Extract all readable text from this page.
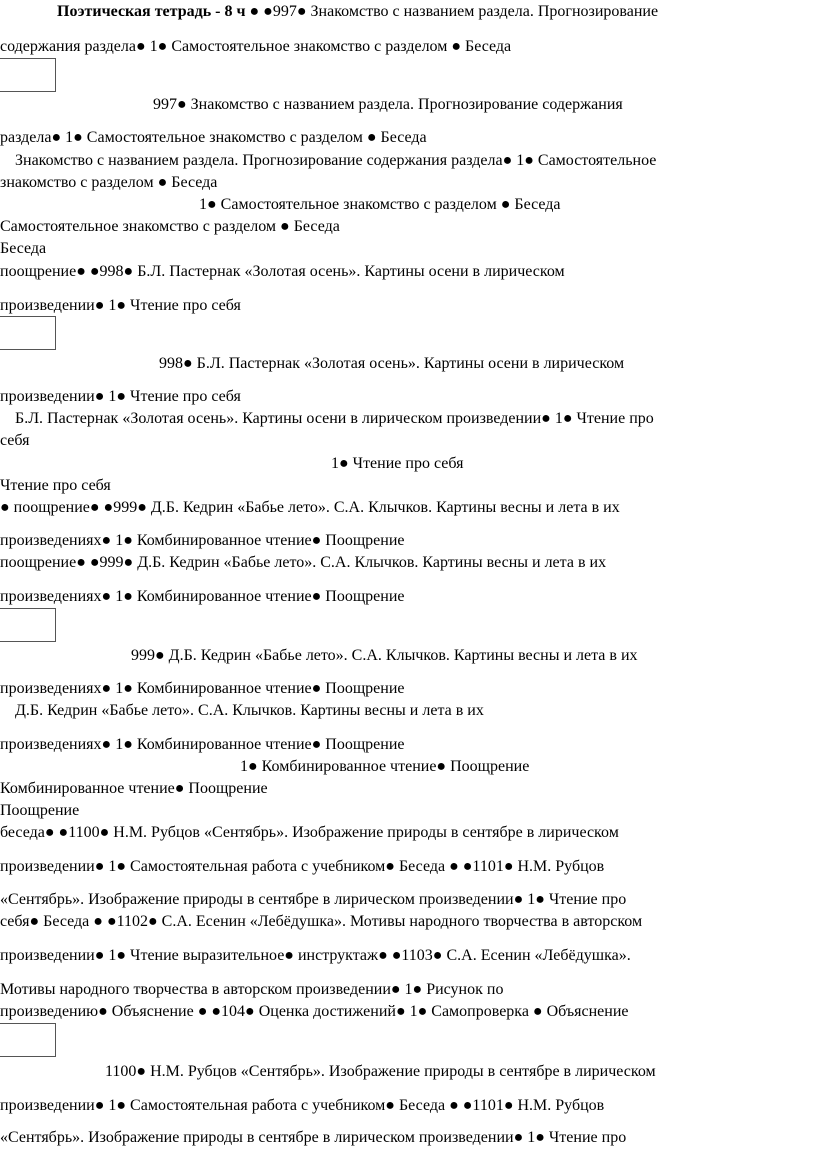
Поэтическая тетрадь - 8 ч ● ●997● Знакомство с названием раздела. Прогнозирование
содержания раздела● 1● Самостоятельное знакомство с разделом ● Беседа
997● Знакомство с названием раздела. Прогнозирование содержания
раздела● 1● Самостоятельное знакомство с разделом ● Беседа
Знакомство с названием раздела. Прогнозирование содержания раздела● 1● Самостоятельное
знакомство с разделом ● Беседа
1● Самостоятельное знакомство с разделом ● Беседа
Самостоятельное знакомство с разделом ● Беседа
Беседа
поощрение● ●998● Б.Л. Пастернак «Золотая осень». Картины осени в лирическом
произведении● 1● Чтение про себя
998● Б.Л. Пастернак «Золотая осень». Картины осени в лирическом
произведении● 1● Чтение про себя
Б.Л. Пастернак «Золотая осень». Картины осени в лирическом произведении● 1● Чтение про
себя
1● Чтение про себя
Чтение про себя
● поощрение● ●999● Д.Б. Кедрин «Бабье лето». С.А. Клычков. Картины весны и лета в их
произведениях● 1● Комбинированное чтение● Поощрение
поощрение● ●999● Д.Б. Кедрин «Бабье лето». С.А. Клычков. Картины весны и лета в их
произведениях● 1● Комбинированное чтение● Поощрение
999● Д.Б. Кедрин «Бабье лето». С.А. Клычков. Картины весны и лета в их
произведениях● 1● Комбинированное чтение● Поощрение
Д.Б. Кедрин «Бабье лето». С.А. Клычков. Картины весны и лета в их
произведениях● 1● Комбинированное чтение● Поощрение
1● Комбинированное чтение● Поощрение
Комбинированное чтение● Поощрение
Поощрение
беседа● ●1100● Н.М. Рубцов «Сентябрь». Изображение природы в сентябре в лирическом
произведении● 1● Самостоятельная работа с учебником● Беседа ● ●1101● Н.М. Рубцов
«Сентябрь». Изображение природы в сентябре в лирическом произведении● 1● Чтение про
себя● Беседа ● ●1102● С.А. Есенин «Лебёдушка». Мотивы народного творчества в авторском
произведении● 1● Чтение выразительное● инструктаж● ●1103● С.А. Есенин «Лебёдушка».
Мотивы народного творчества в авторском произведении● 1● Рисунок по
произведению● Объяснение ● ●104● Оценка достижений● 1● Самопроверка ● Объяснение
1100● Н.М. Рубцов «Сентябрь». Изображение природы в сентябре в лирическом
произведении● 1● Самостоятельная работа с учебником● Беседа ● ●1101● Н.М. Рубцов
«Сентябрь». Изображение природы в сентябре в лирическом произведении● 1● Чтение про
